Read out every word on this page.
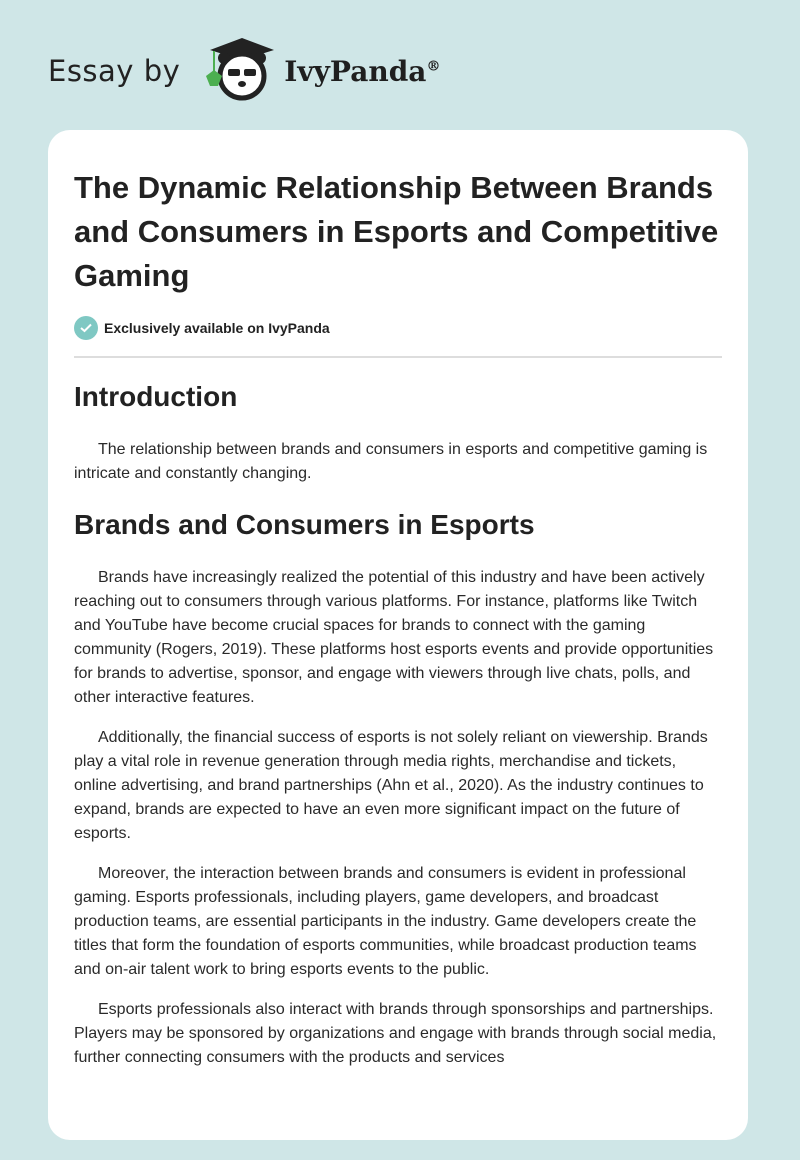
Essay by	IvyPanda®
The Dynamic Relationship Between Brands and Consumers in Esports and Competitive Gaming
Exclusively available on IvyPanda
Introduction

The relationship between brands and consumers in esports and competitive gaming is intricate and constantly changing.

Brands and Consumers in Esports

Brands have increasingly realized the potential of this industry and have been actively reaching out to consumers through various platforms. For instance, platforms like Twitch and YouTube have become crucial spaces for brands to connect with the gaming community (Rogers, 2019). These platforms host esports events and provide opportunities for brands to advertise, sponsor, and engage with viewers through live chats, polls, and other interactive features.

Additionally, the financial success of esports is not solely reliant on viewership. Brands play a vital role in revenue generation through media rights, merchandise and tickets, online advertising, and brand partnerships (Ahn et al., 2020). As the industry continues to expand, brands are expected to have an even more significant impact on the future of esports.

Moreover, the interaction between brands and consumers is evident in professional gaming. Esports professionals, including players, game developers, and broadcast production teams, are essential participants in the industry. Game developers create the titles that form the foundation of esports communities, while broadcast production teams and on-air talent work to bring esports events to the public.

Esports professionals also interact with brands through sponsorships and partnerships. Players may be sponsored by organizations and engage with brands through social media, further connecting consumers with the products and services
